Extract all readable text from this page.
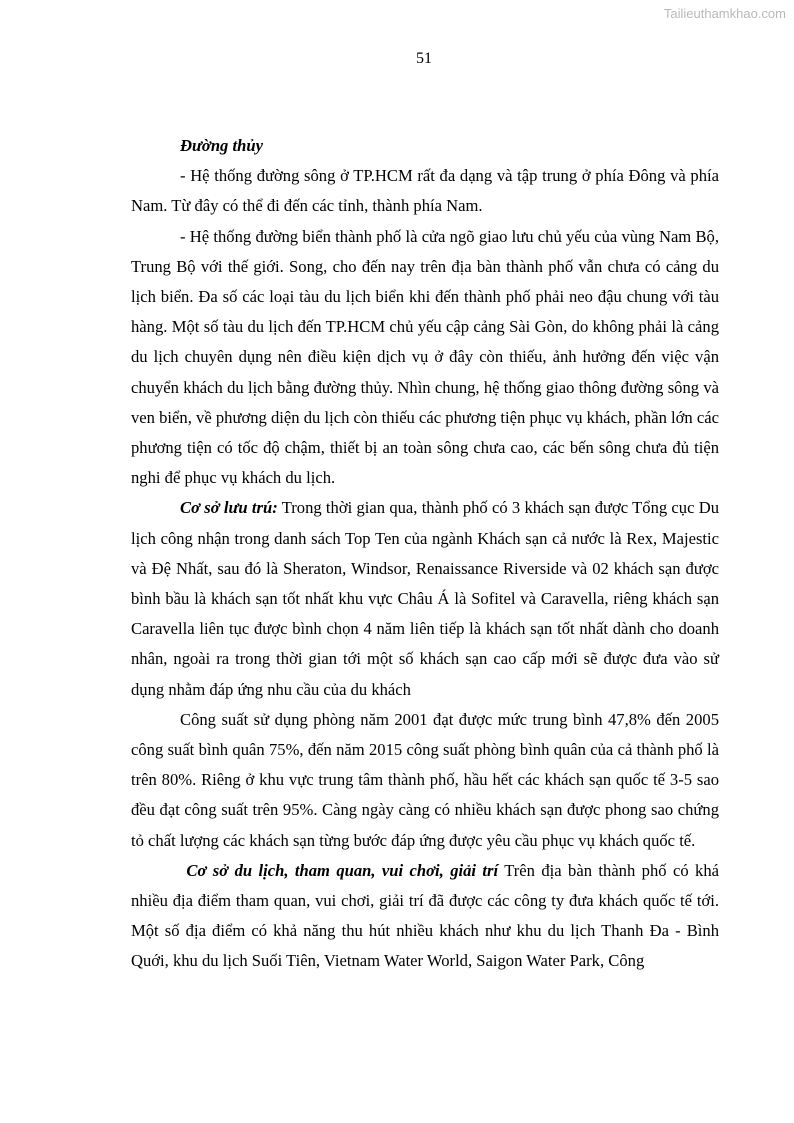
Tailieuthamkhao.com
51

Đường thủy

- Hệ thống đường sông ở TP.HCM rất đa dạng và tập trung ở phía Đông và phía Nam. Từ đây có thể đi đến các tỉnh, thành phía Nam.

- Hệ thống đường biển thành phố là cửa ngõ giao lưu chủ yếu của vùng Nam Bộ, Trung Bộ với thế giới. Song, cho đến nay trên địa bàn thành phố vẫn chưa có cảng du lịch biển. Đa số các loại tàu du lịch biển khi đến thành phố phải neo đậu chung với tàu hàng. Một số tàu du lịch đến TP.HCM chủ yếu cập cảng Sài Gòn, do không phải là cảng du lịch chuyên dụng nên điều kiện dịch vụ ở đây còn thiếu, ảnh hưởng đến việc vận chuyển khách du lịch bằng đường thủy. Nhìn chung, hệ thống giao thông đường sông và ven biển, về phương diện du lịch còn thiếu các phương tiện phục vụ khách, phần lớn các phương tiện có tốc độ chậm, thiết bị an toàn sông chưa cao, các bến sông chưa đủ tiện nghi để phục vụ khách du lịch.

Cơ sở lưu trú: Trong thời gian qua, thành phố có 3 khách sạn được Tổng cục Du lịch công nhận trong danh sách Top Ten của ngành Khách sạn cả nước là Rex, Majestic và Đệ Nhất, sau đó là Sheraton, Windsor, Renaissance Riverside và 02 khách sạn được bình bầu là khách sạn tốt nhất khu vực Châu Á là Sofitel và Caravella, riêng khách sạn Caravella liên tục được bình chọn 4 năm liên tiếp là khách sạn tốt nhất dành cho doanh nhân, ngoài ra trong thời gian tới một số khách sạn cao cấp mới sẽ được đưa vào sử dụng nhằm đáp ứng nhu cầu của du khách

Công suất sử dụng phòng năm 2001 đạt được mức trung bình 47,8% đến 2005 công suất bình quân 75%, đến năm 2015 công suất phòng bình quân của cả thành phố là trên 80%. Riêng ở khu vực trung tâm thành phố, hầu hết các khách sạn quốc tế 3-5 sao đều đạt công suất trên 95%. Càng ngày càng có nhiều khách sạn được phong sao chứng tỏ chất lượng các khách sạn từng bước đáp ứng được yêu cầu phục vụ khách quốc tế.

Cơ sở du lịch, tham quan, vui chơi, giải trí Trên địa bàn thành phố có khá nhiều địa điểm tham quan, vui chơi, giải trí đã được các công ty đưa khách quốc tế tới. Một số địa điểm có khả năng thu hút nhiều khách như khu du lịch Thanh Đa - Bình Quới, khu du lịch Suối Tiên, Vietnam Water World, Saigon Water Park, Công
